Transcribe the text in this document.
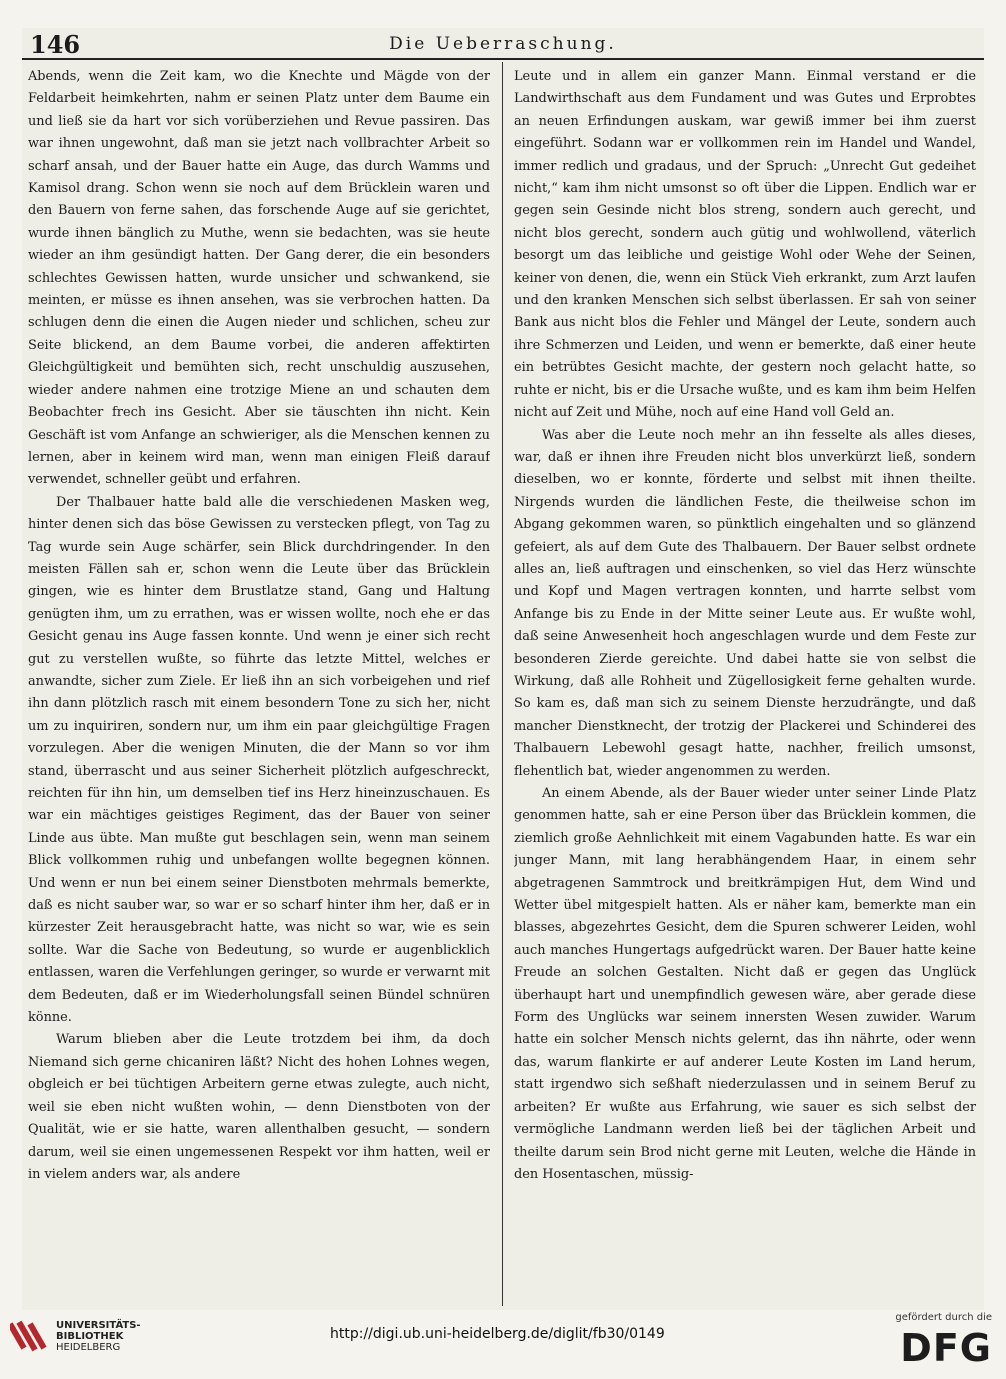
146	Die Ueberraschung.

Abends, wenn die Zeit kam, wo die Knechte und Mägde von der Feldarbeit heimkehrten, nahm er seinen Platz unter dem Baume ein und ließ sie da hart vor sich vorüberziehen und Revue passiren. Das war ihnen ungewohnt, daß man sie jetzt nach vollbrachter Arbeit so scharf ansah, und der Bauer hatte ein Auge, das durch Wamms und Kamisol drang. Schon wenn sie noch auf dem Brücklein waren und den Bauern von ferne sahen, das forschende Auge auf sie gerichtet, wurde ihnen bänglich zu Muthe, wenn sie bedachten, was sie heute wieder an ihm gesündigt hatten. Der Gang derer, die ein besonders schlechtes Gewissen hatten, wurde unsicher und schwankend, sie meinten, er müsse es ihnen ansehen, was sie verbrochen hatten. Da schlugen denn die einen die Augen nieder und schlichen, scheu zur Seite blickend, an dem Baume vorbei, die anderen affektirten Gleichgültigkeit und bemühten sich, recht unschuldig auszusehen, wieder andere nahmen eine trotzige Miene an und schauten dem Beobachter frech ins Gesicht. Aber sie täuschten ihn nicht. Kein Geschäft ist vom Anfange an schwieriger, als die Menschen kennen zu lernen, aber in keinem wird man, wenn man einigen Fleiß darauf verwendet, schneller geübt und erfahren.

Der Thalbauer hatte bald alle die verschiedenen Masken weg, hinter denen sich das böse Gewissen zu verstecken pflegt, von Tag zu Tag wurde sein Auge schärfer, sein Blick durchdringender. In den meisten Fällen sah er, schon wenn die Leute über das Brücklein gingen, wie es hinter dem Brustlatze stand, Gang und Haltung genügten ihm, um zu errathen, was er wissen wollte, noch ehe er das Gesicht genau ins Auge fassen konnte. Und wenn je einer sich recht gut zu verstellen wußte, so führte das letzte Mittel, welches er anwandte, sicher zum Ziele. Er ließ ihn an sich vorbeigehen und rief ihn dann plötzlich rasch mit einem besondern Tone zu sich her, nicht um zu inquiriren, sondern nur, um ihm ein paar gleichgültige Fragen vorzulegen. Aber die wenigen Minuten, die der Mann so vor ihm stand, überrascht und aus seiner Sicherheit plötzlich aufgeschreckt, reichten für ihn hin, um demselben tief ins Herz hineinzuschauen. Es war ein mächtiges geistiges Regiment, das der Bauer von seiner Linde aus übte. Man mußte gut beschlagen sein, wenn man seinem Blick vollkommen ruhig und unbefangen wollte begegnen können. Und wenn er nun bei einem seiner Dienstboten mehrmals bemerkte, daß es nicht sauber war, so war er so scharf hinter ihm her, daß er in kürzester Zeit herausgebracht hatte, was nicht so war, wie es sein sollte. War die Sache von Bedeutung, so wurde er augenblicklich entlassen, waren die Verfehlungen geringer, so wurde er verwarnt mit dem Bedeuten, daß er im Wiederholungsfall seinen Bündel schnüren könne.

Warum blieben aber die Leute trotzdem bei ihm, da doch Niemand sich gerne chicaniren läßt? Nicht des hohen Lohnes wegen, obgleich er bei tüchtigen Arbeitern gerne etwas zulegte, auch nicht, weil sie eben nicht wußten wohin, — denn Dienstboten von der Qualität, wie er sie hatte, waren allenthalben gesucht, — sondern darum, weil sie einen ungemessenen Respekt vor ihm hatten, weil er in vielem anders war, als andere

Leute und in allem ein ganzer Mann. Einmal verstand er die Landwirthschaft aus dem Fundament und was Gutes und Erprobtes an neuen Erfindungen auskam, war gewiß immer bei ihm zuerst eingeführt. Sodann war er vollkommen rein im Handel und Wandel, immer redlich und gradaus, und der Spruch: „Unrecht Gut gedeihet nicht,“ kam ihm nicht umsonst so oft über die Lippen. Endlich war er gegen sein Gesinde nicht blos streng, sondern auch gerecht, und nicht blos gerecht, sondern auch gütig und wohlwollend, väterlich besorgt um das leibliche und geistige Wohl oder Wehe der Seinen, keiner von denen, die, wenn ein Stück Vieh erkrankt, zum Arzt laufen und den kranken Menschen sich selbst überlassen. Er sah von seiner Bank aus nicht blos die Fehler und Mängel der Leute, sondern auch ihre Schmerzen und Leiden, und wenn er bemerkte, daß einer heute ein betrübtes Gesicht machte, der gestern noch gelacht hatte, so ruhte er nicht, bis er die Ursache wußte, und es kam ihm beim Helfen nicht auf Zeit und Mühe, noch auf eine Hand voll Geld an.

Was aber die Leute noch mehr an ihn fesselte als alles dieses, war, daß er ihnen ihre Freuden nicht blos unverkürzt ließ, sondern dieselben, wo er konnte, förderte und selbst mit ihnen theilte. Nirgends wurden die ländlichen Feste, die theilweise schon im Abgang gekommen waren, so pünktlich eingehalten und so glänzend gefeiert, als auf dem Gute des Thalbauern. Der Bauer selbst ordnete alles an, ließ auftragen und einschenken, so viel das Herz wünschte und Kopf und Magen vertragen konnten, und harrte selbst vom Anfange bis zu Ende in der Mitte seiner Leute aus. Er wußte wohl, daß seine Anwesenheit hoch angeschlagen wurde und dem Feste zur besonderen Zierde gereichte. Und dabei hatte sie von selbst die Wirkung, daß alle Rohheit und Zügellosigkeit ferne gehalten wurde. So kam es, daß man sich zu seinem Dienste herzudrängte, und daß mancher Dienstknecht, der trotzig der Plackerei und Schinderei des Thalbauern Lebewohl gesagt hatte, nachher, freilich umsonst, flehentlich bat, wieder angenommen zu werden.

An einem Abende, als der Bauer wieder unter seiner Linde Platz genommen hatte, sah er eine Person über das Brücklein kommen, die ziemlich große Aehnlichkeit mit einem Vagabunden hatte. Es war ein junger Mann, mit lang herabhängendem Haar, in einem sehr abgetragenen Sammtrock und breitkrämpigen Hut, dem Wind und Wetter übel mitgespielt hatten. Als er näher kam, bemerkte man ein blasses, abgezehrtes Gesicht, dem die Spuren schwerer Leiden, wohl auch manches Hungertags aufgedrückt waren. Der Bauer hatte keine Freude an solchen Gestalten. Nicht daß er gegen das Unglück überhaupt hart und unempfindlich gewesen wäre, aber gerade diese Form des Unglücks war seinem innersten Wesen zuwider. Warum hatte ein solcher Mensch nichts gelernt, das ihn nährte, oder wenn das, warum flankirte er auf anderer Leute Kosten im Land herum, statt irgendwo sich seßhaft niederzulassen und in seinem Beruf zu arbeiten? Er wußte aus Erfahrung, wie sauer es sich selbst der vermögliche Landmann werden ließ bei der täglichen Arbeit und theilte darum sein Brod nicht gerne mit Leuten, welche die Hände in den Hosentaschen, müssig-

UNIVERSITÄTS-
BIBLIOTHEK
HEIDELBERG
http://digi.ub.uni-heidelberg.de/diglit/fb30/0149
gefördert durch die
DFG
